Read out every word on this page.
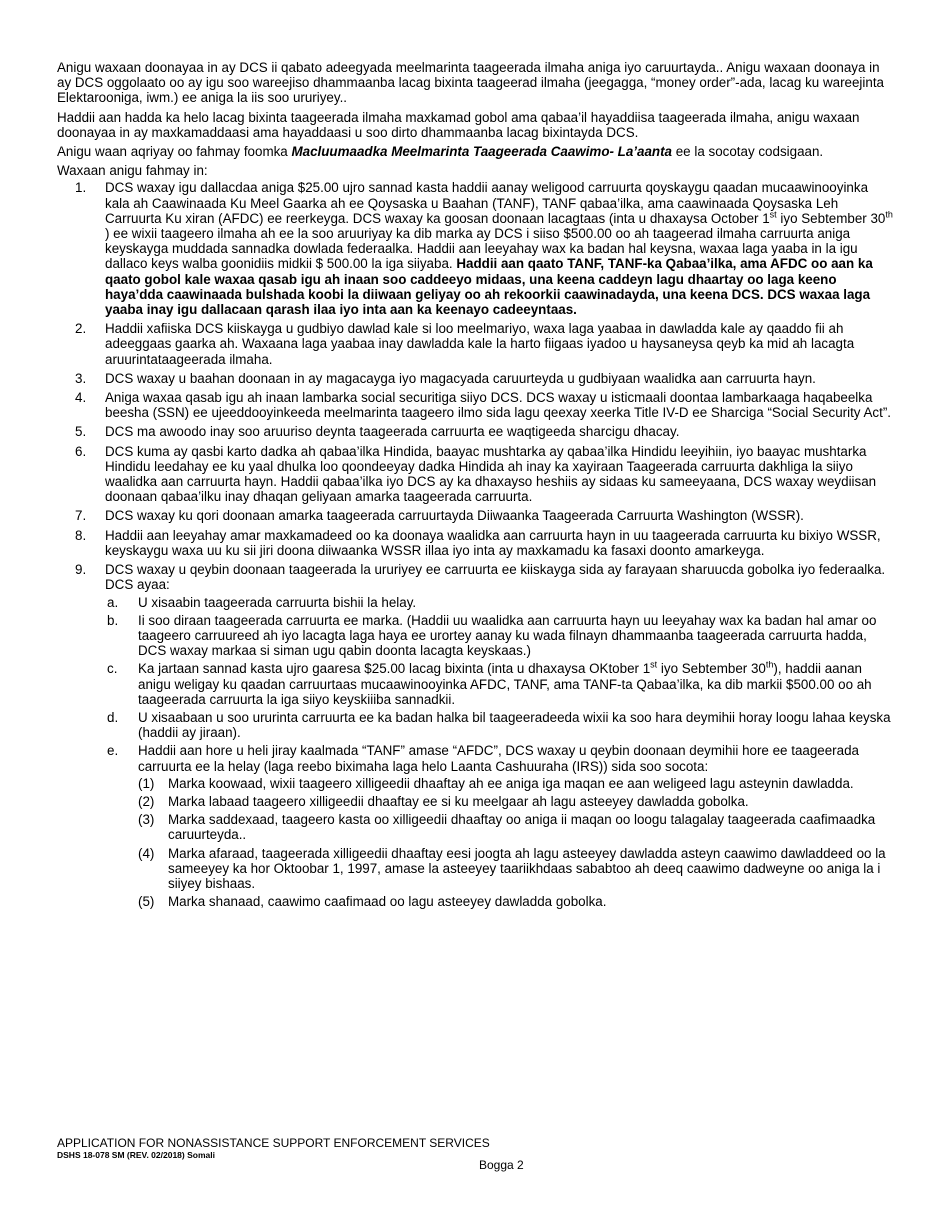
Anigu waxaan doonayaa in ay DCS ii qabato adeegyada meelmarinta taageerada ilmaha aniga iyo caruurtayda.. Anigu waxaan doonaya in ay DCS oggolaato oo ay igu soo wareejiso dhammaanba lacag bixinta taageerad ilmaha (jeegagga, “money order”-ada, lacag ku wareejinta Elektarooniga, iwm.) ee aniga la iis soo ururiyey..

Haddii aan hadda ka helo lacag bixinta taageerada ilmaha maxkamad gobol ama qabaa’il hayaddiisa taageerada ilmaha, anigu waxaan doonayaa in ay maxkamaddaasi ama hayaddaasi u soo dirto dhammaanba lacag bixintayda DCS.

Anigu waan aqriyay oo fahmay foomka Macluumaadka Meelmarinta Taageerada Caawimo- La’aanta ee la socotay codsigaan.

Waxaan anigu fahmay in:

1. DCS waxay igu dallacdaa aniga $25.00 ujro sannad kasta haddii aanay weligood carruurta qoyskaygu qaadan mucaawinooyinka kala ah Caawinaada Ku Meel Gaarka ah ee Qoysaska u Baahan (TANF), TANF qabaa’ilka, ama caawinaada Qoysaska Leh Carruurta Ku xiran (AFDC) ee reerkeyga. DCS waxay ka goosan doonaan lacagtaas (inta u dhaxaysa October 1st iyo Sebtember 30th ) ee wixii taageero ilmaha ah ee la soo aruuriyay ka dib marka ay DCS i siiso $500.00 oo ah taageerad ilmaha carruurta aniga keyskayga muddada sannadka dowlada federaalka. Haddii aan leeyahay wax ka badan hal keysna, waxaa laga yaaba in la igu dallaco keys walba goonidiis midkii $ 500.00 la iga siiyaba. Haddii aan qaato TANF, TANF-ka Qabaa’ilka, ama AFDC oo aan ka qaato gobol kale waxaa qasab igu ah inaan soo caddeeyo midaas, una keena caddeyn lagu dhaartay oo laga keeno haya’dda caawinaada bulshada koobi la diiwaan geliyay oo ah rekoorkii caawinadayda, una keena DCS. DCS waxaa laga yaaba inay igu dallacaan qarash ilaa iyo inta aan ka keenayo cadeeyntaas.
2. Haddii xafiiska DCS kiiskayga u gudbiyo dawlad kale si loo meelmariyo, waxa laga yaabaa in dawladda kale ay qaaddo fii ah adeeggaas gaarka ah. Waxaana laga yaabaa inay dawladda kale la harto fiigaas iyadoo u haysaneysa qeyb ka mid ah lacagta aruurintataageerada ilmaha.
3. DCS waxay u baahan doonaan in ay magacayga iyo magacyada caruurteyda u gudbiyaan waalidka aan carruurta hayn.
4. Aniga waxaa qasab igu ah inaan lambarka social securitiga siiyo DCS. DCS waxay u isticmaali doontaa lambarkaaga haqabeelka beesha (SSN) ee ujeeddooyinkeeda meelmarinta taageero ilmo sida lagu qeexay xeerka Title IV-D ee Sharciga “Social Security Act”.
5. DCS ma awoodo inay soo aruuriso deynta taageerada carruurta ee waqtigeeda sharcigu dhacay.
6. DCS kuma ay qasbi karto dadka ah qabaa’ilka Hindida, baayac mushtarka ay qabaa’ilka Hindidu leeyihiin, iyo baayac mushtarka Hindidu leedahay ee ku yaal dhulka loo qoondeeyay dadka Hindida ah inay ka xayiraan Taageerada carruurta dakhliga la siiyo waalidka aan carruurta hayn. Haddii qabaa’ilka iyo DCS ay ka dhaxayso heshiis ay sidaas ku sameeyaana, DCS waxay weydiisan doonaan qabaa’ilku inay dhaqan geliyaan amarka taageerada carruurta.
7. DCS waxay ku qori doonaan amarka taageerada carruurtayda Diiwaanka Taageerada Carruurta Washington (WSSR).
8. Haddii aan leeyahay amar maxkamadeed oo ka doonaya waalidka aan carruurta hayn in uu taageerada carruurta ku bixiyo WSSR, keyskaygu waxa uu ku sii jiri doona diiwaanka WSSR illaa iyo inta ay maxkamadu ka fasaxi doonto amarkeyga.
9. DCS waxay u qeybin doonaan taageerada la ururiyey ee carruurta ee kiiskayga sida ay farayaan sharuucda gobolka iyo federaalka. DCS ayaa:
a. U xisaabin taageerada carruurta bishii la helay.
b. Ii soo diraan taageerada carruurta ee marka. (Haddii uu waalidka aan carruurta hayn uu leeyahay wax ka badan hal amar oo taageero carruureed ah iyo lacagta laga haya ee urortey aanay ku wada filnayn dhammaanba taageerada carruurta hadda, DCS waxay markaa si siman ugu qabin doonta lacagta keyskaas.)
c. Ka jartaan sannad kasta ujro gaaresa $25.00 lacag bixinta (inta u dhaxaysa OKtober 1st iyo Sebtember 30th), haddii aanan anigu weligay ku qaadan carruurtaas mucaawinooyinka AFDC, TANF, ama TANF-ta Qabaa’ilka, ka dib markii $500.00 oo ah taageerada carruurta la iga siiyo keyskiiiba sannadkii.
d. U xisaabaan u soo ururinta carruurta ee ka badan halka bil taageeradeeda wixii ka soo hara deymihii horay loogu lahaa keyska (haddii ay jiraan).
e. Haddii aan hore u heli jiray kaalmada “TANF” amase “AFDC”, DCS waxay u qeybin doonaan deymihii hore ee taageerada carruurta ee la helay (laga reebo biximaha laga helo Laanta Cashuuraha (IRS)) sida soo socota:
(1) Marka koowaad, wixii taageero xilligeedii dhaaftay ah ee aniga iga maqan ee aan weligeed lagu asteynin dawladda.
(2) Marka labaad taageero xilligeedii dhaaftay ee si ku meelgaar ah lagu asteeyey dawladda gobolka.
(3) Marka saddexaad, taageero kasta oo xilligeedii dhaaftay oo aniga ii maqan oo loogu talagalay taageerada caafimaadka caruurteyda..
(4) Marka afaraad, taageerada xilligeedii dhaaftay eesi joogta ah lagu asteeyey dawladda asteyn caawimo dawladdeed oo la sameeyey ka hor Oktoobar 1, 1997, amase la asteeyey taariikhdaas sababtoo ah deeq caawimo dadweyne oo aniga la i siiyey bishaas.
(5) Marka shanaad, caawimo caafimaad oo lagu asteeyey dawladda gobolka.
APPLICATION FOR NONASSISTANCE SUPPORT ENFORCEMENT SERVICES
DSHS 18-078 SM (REV. 02/2018) Somali
Bogga 2
